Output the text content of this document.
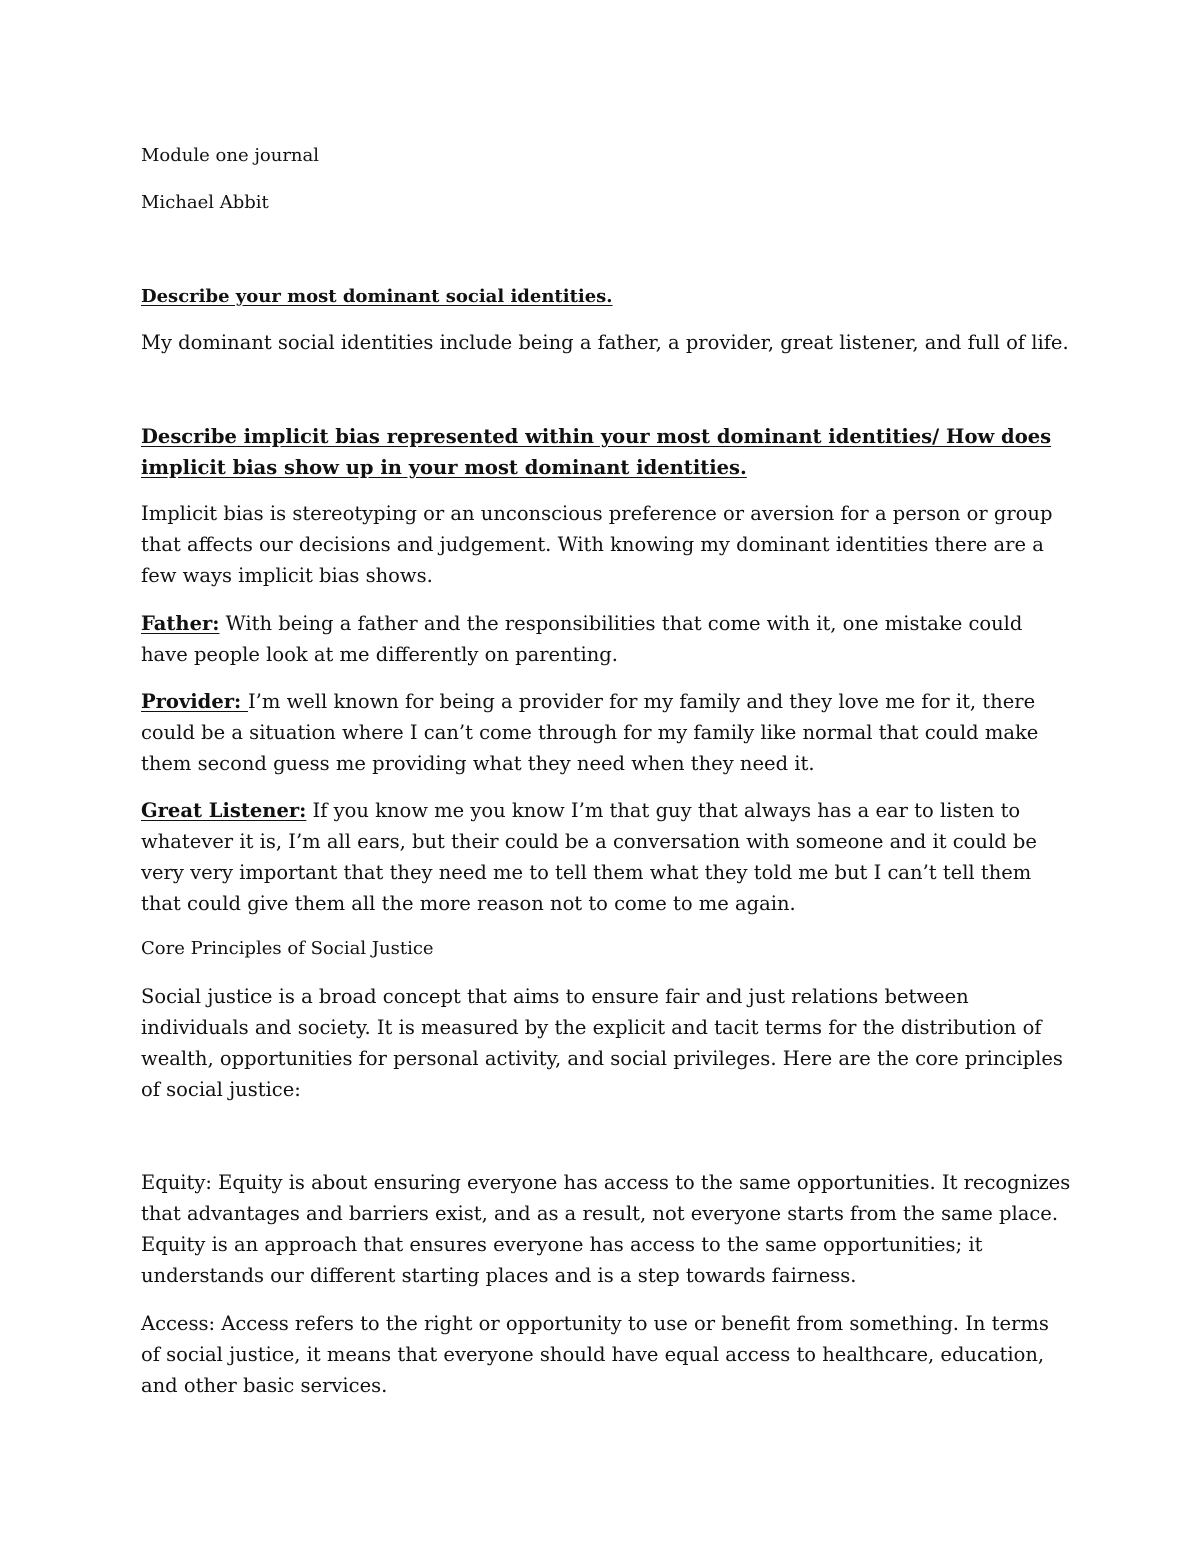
Module one journal

Michael Abbit

Describe your most dominant social identities.

My dominant social identities include being a father, a provider, great listener, and full of life.

Describe implicit bias represented within your most dominant identities/ How does implicit bias show up in your most dominant identities.

Implicit bias is stereotyping or an unconscious preference or aversion for a person or group that affects our decisions and judgement. With knowing my dominant identities there are a few ways implicit bias shows.

Father: With being a father and the responsibilities that come with it, one mistake could have people look at me differently on parenting.

Provider: I’m well known for being a provider for my family and they love me for it, there could be a situation where I can’t come through for my family like normal that could make them second guess me providing what they need when they need it.

Great Listener: If you know me you know I’m that guy that always has a ear to listen to whatever it is, I’m all ears, but their could be a conversation with someone and it could be very very important that they need me to tell them what they told me but I can’t tell them that could give them all the more reason not to come to me again.

Core Principles of Social Justice

Social justice is a broad concept that aims to ensure fair and just relations between individuals and society. It is measured by the explicit and tacit terms for the distribution of wealth, opportunities for personal activity, and social privileges. Here are the core principles of social justice:

Equity: Equity is about ensuring everyone has access to the same opportunities. It recognizes that advantages and barriers exist, and as a result, not everyone starts from the same place. Equity is an approach that ensures everyone has access to the same opportunities; it understands our different starting places and is a step towards fairness.

Access: Access refers to the right or opportunity to use or benefit from something. In terms of social justice, it means that everyone should have equal access to healthcare, education, and other basic services.
